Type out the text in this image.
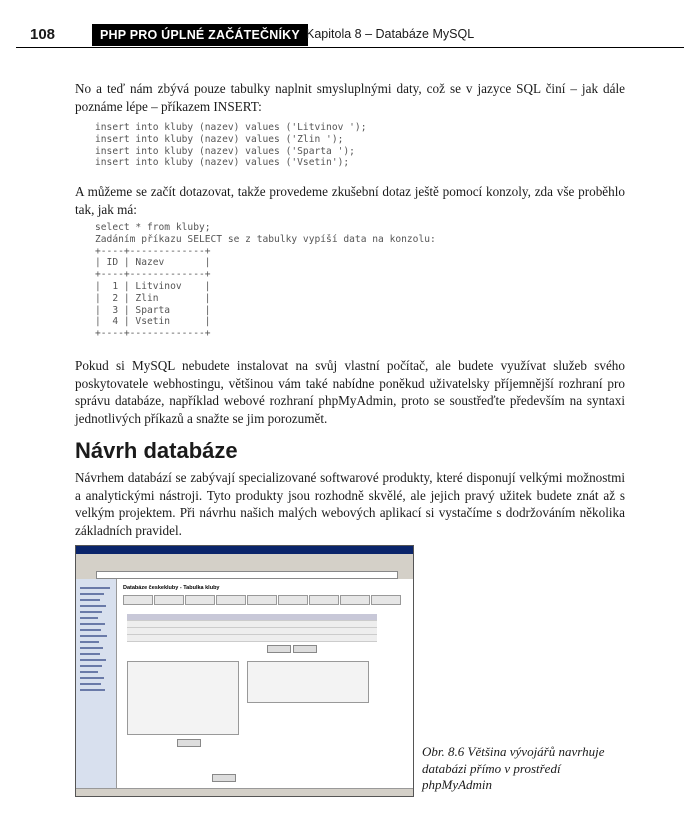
108	PHP PRO ÚPLNÉ ZAČÁTEČNÍKY Kapitola 8 – Databáze MySQL

No a teď nám zbývá pouze tabulky naplnit smysluplnými daty, což se v jazyce SQL činí – jak dále poznáme lépe – příkazem INSERT:

insert into kluby (nazev) values ('Litvinov ');
insert into kluby (nazev) values ('Zlin ');
insert into kluby (nazev) values ('Sparta ');
insert into kluby (nazev) values ('Vsetin');

A můžeme se začít dotazovat, takže provedeme zkušební dotaz ještě pomocí konzoly, zda vše proběhlo tak, jak má:

select * from kluby;
Zadáním příkazu SELECT se z tabulky vypíší data na konzolu:
+----+-------------+
| ID | Nazev       |
+----+-------------+
|  1 | Litvinov    |
|  2 | Zlin        |
|  3 | Sparta      |
|  4 | Vsetin      |
+----+-------------+

Pokud si MySQL nebudete instalovat na svůj vlastní počítač, ale budete využívat služeb svého poskytovatele webhostingu, většinou vám také nabídne poněkud uživatelsky příjemnější rozhraní pro správu databáze, například webové rozhraní phpMyAdmin, proto se soustřeďte především na syntaxi jednotlivých příkazů a snažte se jim porozumět.

Návrh databáze

Návrhem databází se zabývají specializované softwarové produkty, které disponují velkými možnostmi a analytickými nástroji. Tyto produkty jsou rozhodně skvělé, ale jejich pravý užitek budete znát až s velkým projektem. Při návrhu našich malých webových aplikací si vystačíme s dodržováním několika základních pravidel.

Databáze českekluby - Tabulka kluby

Obr. 8.6 Většina vývojářů navrhuje databázi přímo v prostředí phpMyAdmin
